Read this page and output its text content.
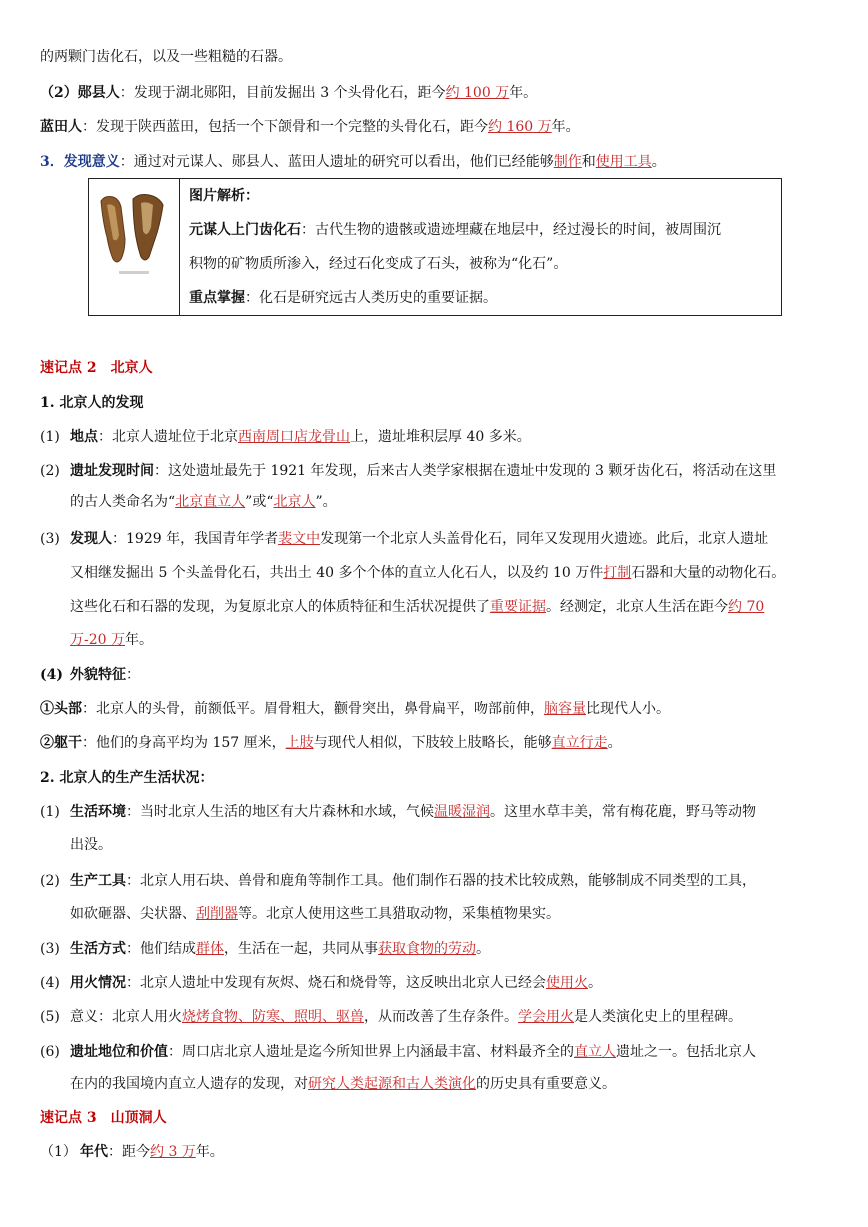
的两颗门齿化石，以及一些粗糙的石器。
（2）郧县人：发现于湖北郧阳，目前发掘出 3 个头骨化石，距今约 100 万年。
蓝田人：发现于陕西蓝田，包括一个下颌骨和一个完整的头骨化石，距今约 160 万年。
3．发现意义：通过对元谋人、郧县人、蓝田人遗址的研究可以看出，他们已经能够制作和使用工具。
图片解析：
元谋人上门齿化石：古代生物的遗骸或遗迹埋藏在地层中，经过漫长的时间，被周围沉
积物的矿物质所渗入，经过石化变成了石头，被称为“化石”。
重点掌握：化石是研究远古人类历史的重要证据。
速记点 2　北京人
1. 北京人的发现
(1) 地点：北京人遗址位于北京西南周口店龙骨山上，遗址堆积层厚 40 多米。
(2) 遗址发现时间：这处遗址最先于 1921 年发现，后来古人类学家根据在遗址中发现的 3 颗牙齿化石，将活动在这里
的古人类命名为“北京直立人”或“北京人”。
(3) 发现人：1929 年，我国青年学者裴文中发现第一个北京人头盖骨化石，同年又发现用火遗迹。此后，北京人遗址
又相继发掘出 5 个头盖骨化石，共出土 40 多个个体的直立人化石人，以及约 10 万件打制石器和大量的动物化石。
这些化石和石器的发现，为复原北京人的体质特征和生活状况提供了重要证据。经测定，北京人生活在距今约 70
万-20 万年。
(4) 外貌特征：
①头部：北京人的头骨，前额低平。眉骨粗大，颧骨突出，鼻骨扁平，吻部前伸，脑容量比现代人小。
②躯干：他们的身高平均为 157 厘米，上肢与现代人相似，下肢较上肢略长，能够直立行走。
2. 北京人的生产生活状况：
(1) 生活环境：当时北京人生活的地区有大片森林和水域，气候温暖湿润。这里水草丰美，常有梅花鹿，野马等动物
出没。
(2) 生产工具：北京人用石块、兽骨和鹿角等制作工具。他们制作石器的技术比较成熟，能够制成不同类型的工具，
如砍砸器、尖状器、刮削器等。北京人使用这些工具猎取动物，采集植物果实。
(3) 生活方式：他们结成群体，生活在一起，共同从事获取食物的劳动。
(4) 用火情况：北京人遗址中发现有灰烬、烧石和烧骨等，这反映出北京人已经会使用火。
(5) 意义：北京人用火烧烤食物、防寒、照明、驱兽，从而改善了生存条件。学会用火是人类演化史上的里程碑。
(6) 遗址地位和价值：周口店北京人遗址是迄今所知世界上内涵最丰富、材料最齐全的直立人遗址之一。包括北京人
在内的我国境内直立人遗存的发现，对研究人类起源和古人类演化的历史具有重要意义。
速记点 3　山顶洞人
（1） 年代：距今约 3 万年。
